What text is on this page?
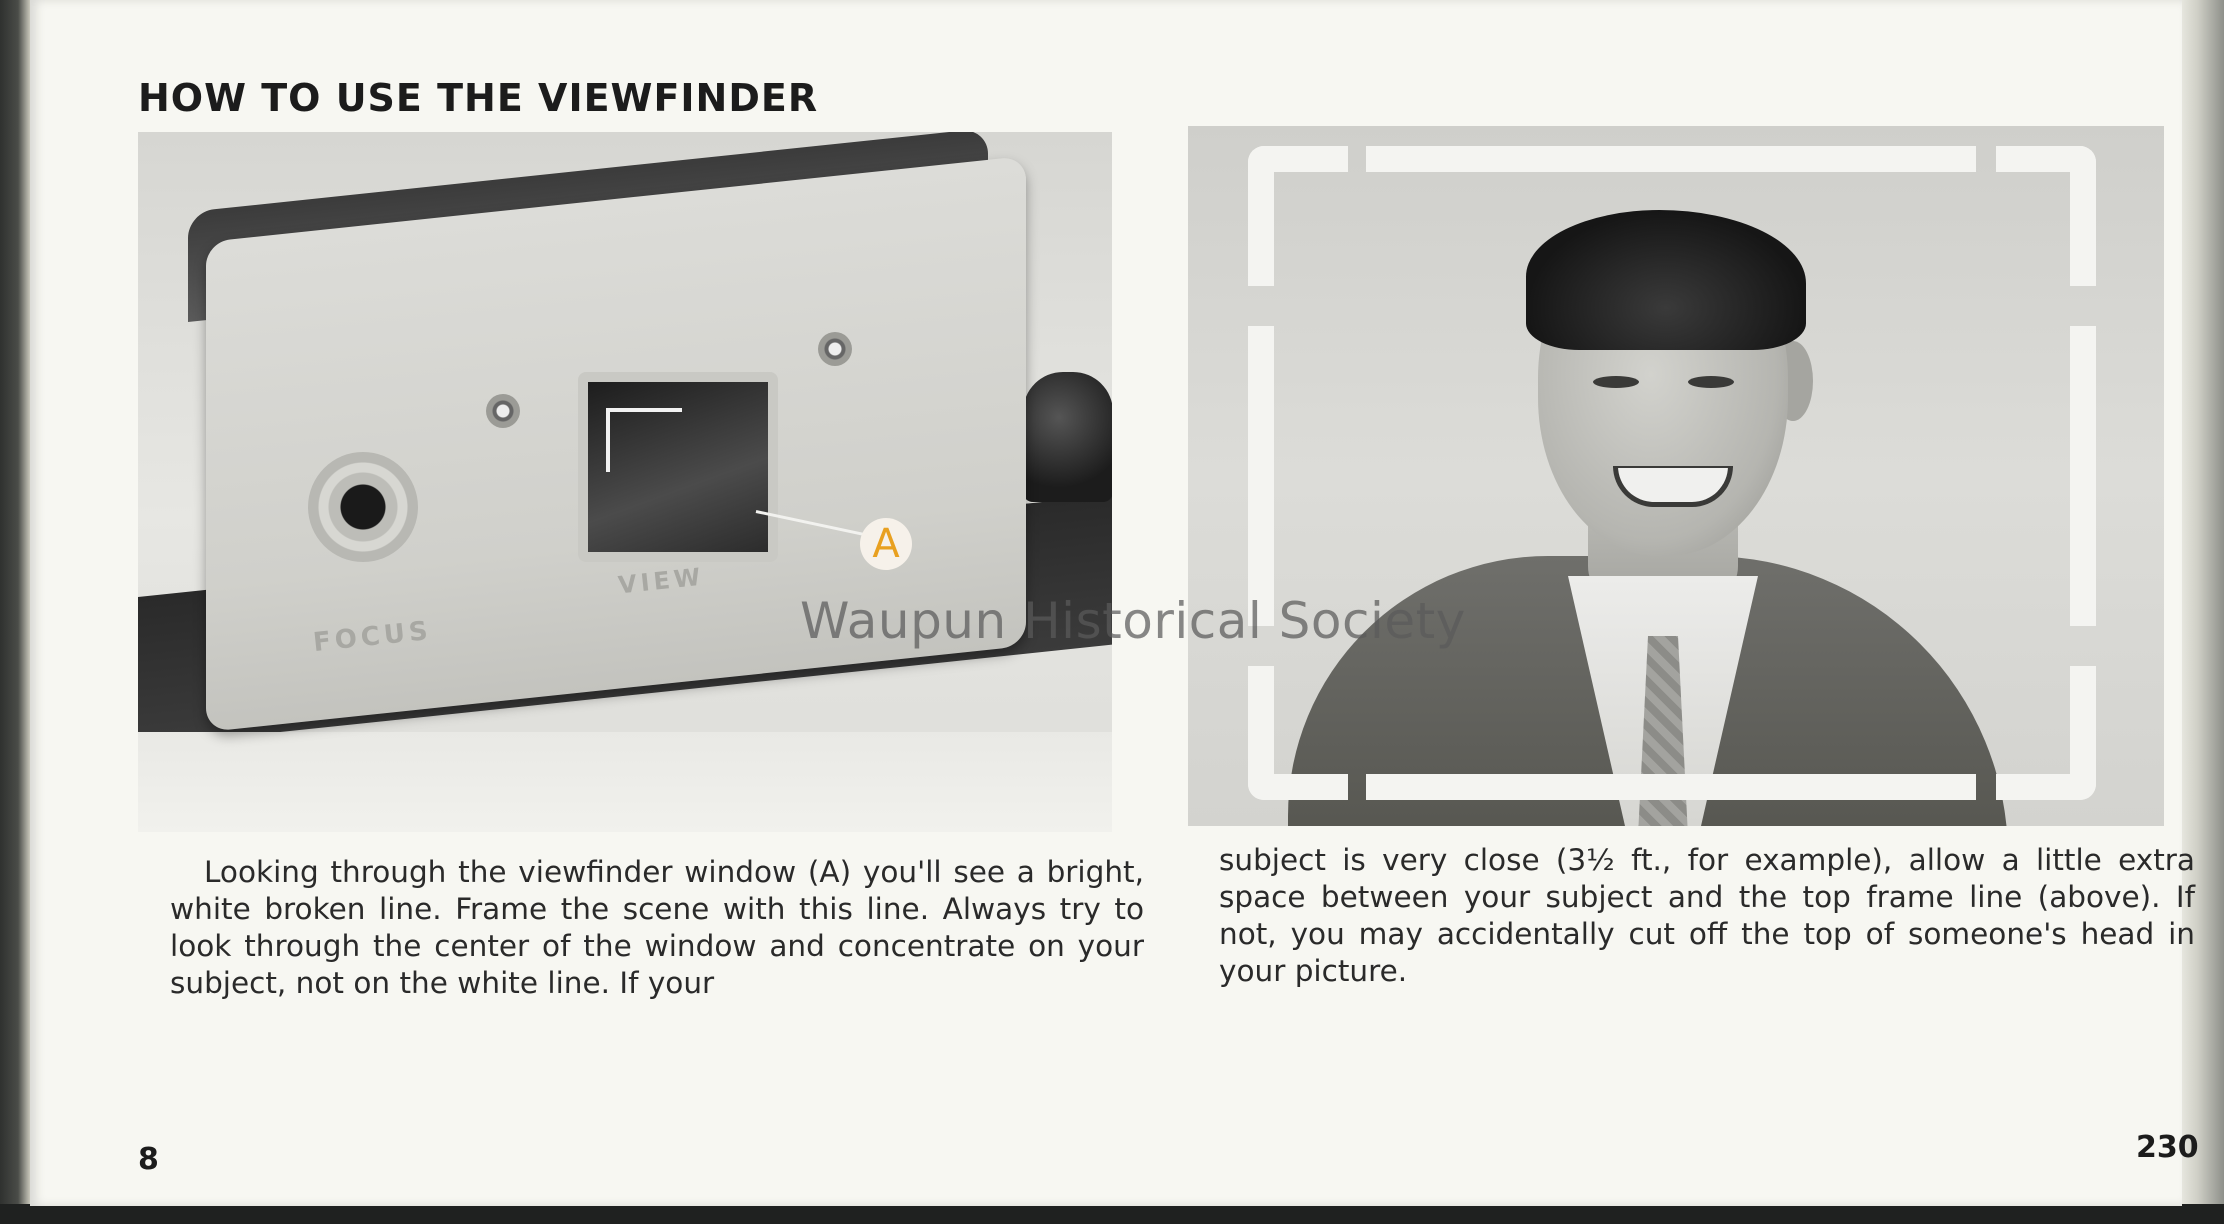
HOW TO USE THE VIEWFINDER
FOCUS
VIEW
A

Looking through the viewfinder window (A) you'll see a bright, white broken line. Frame the scene with this line. Always try to look through the center of the window and concentrate on your subject, not on the white line. If your

subject is very close (3½ ft., for example), allow a little extra space between your subject and the top frame line (above). If not, you may accidentally cut off the top of someone's head in your picture.

Waupun Historical Society
8	230
